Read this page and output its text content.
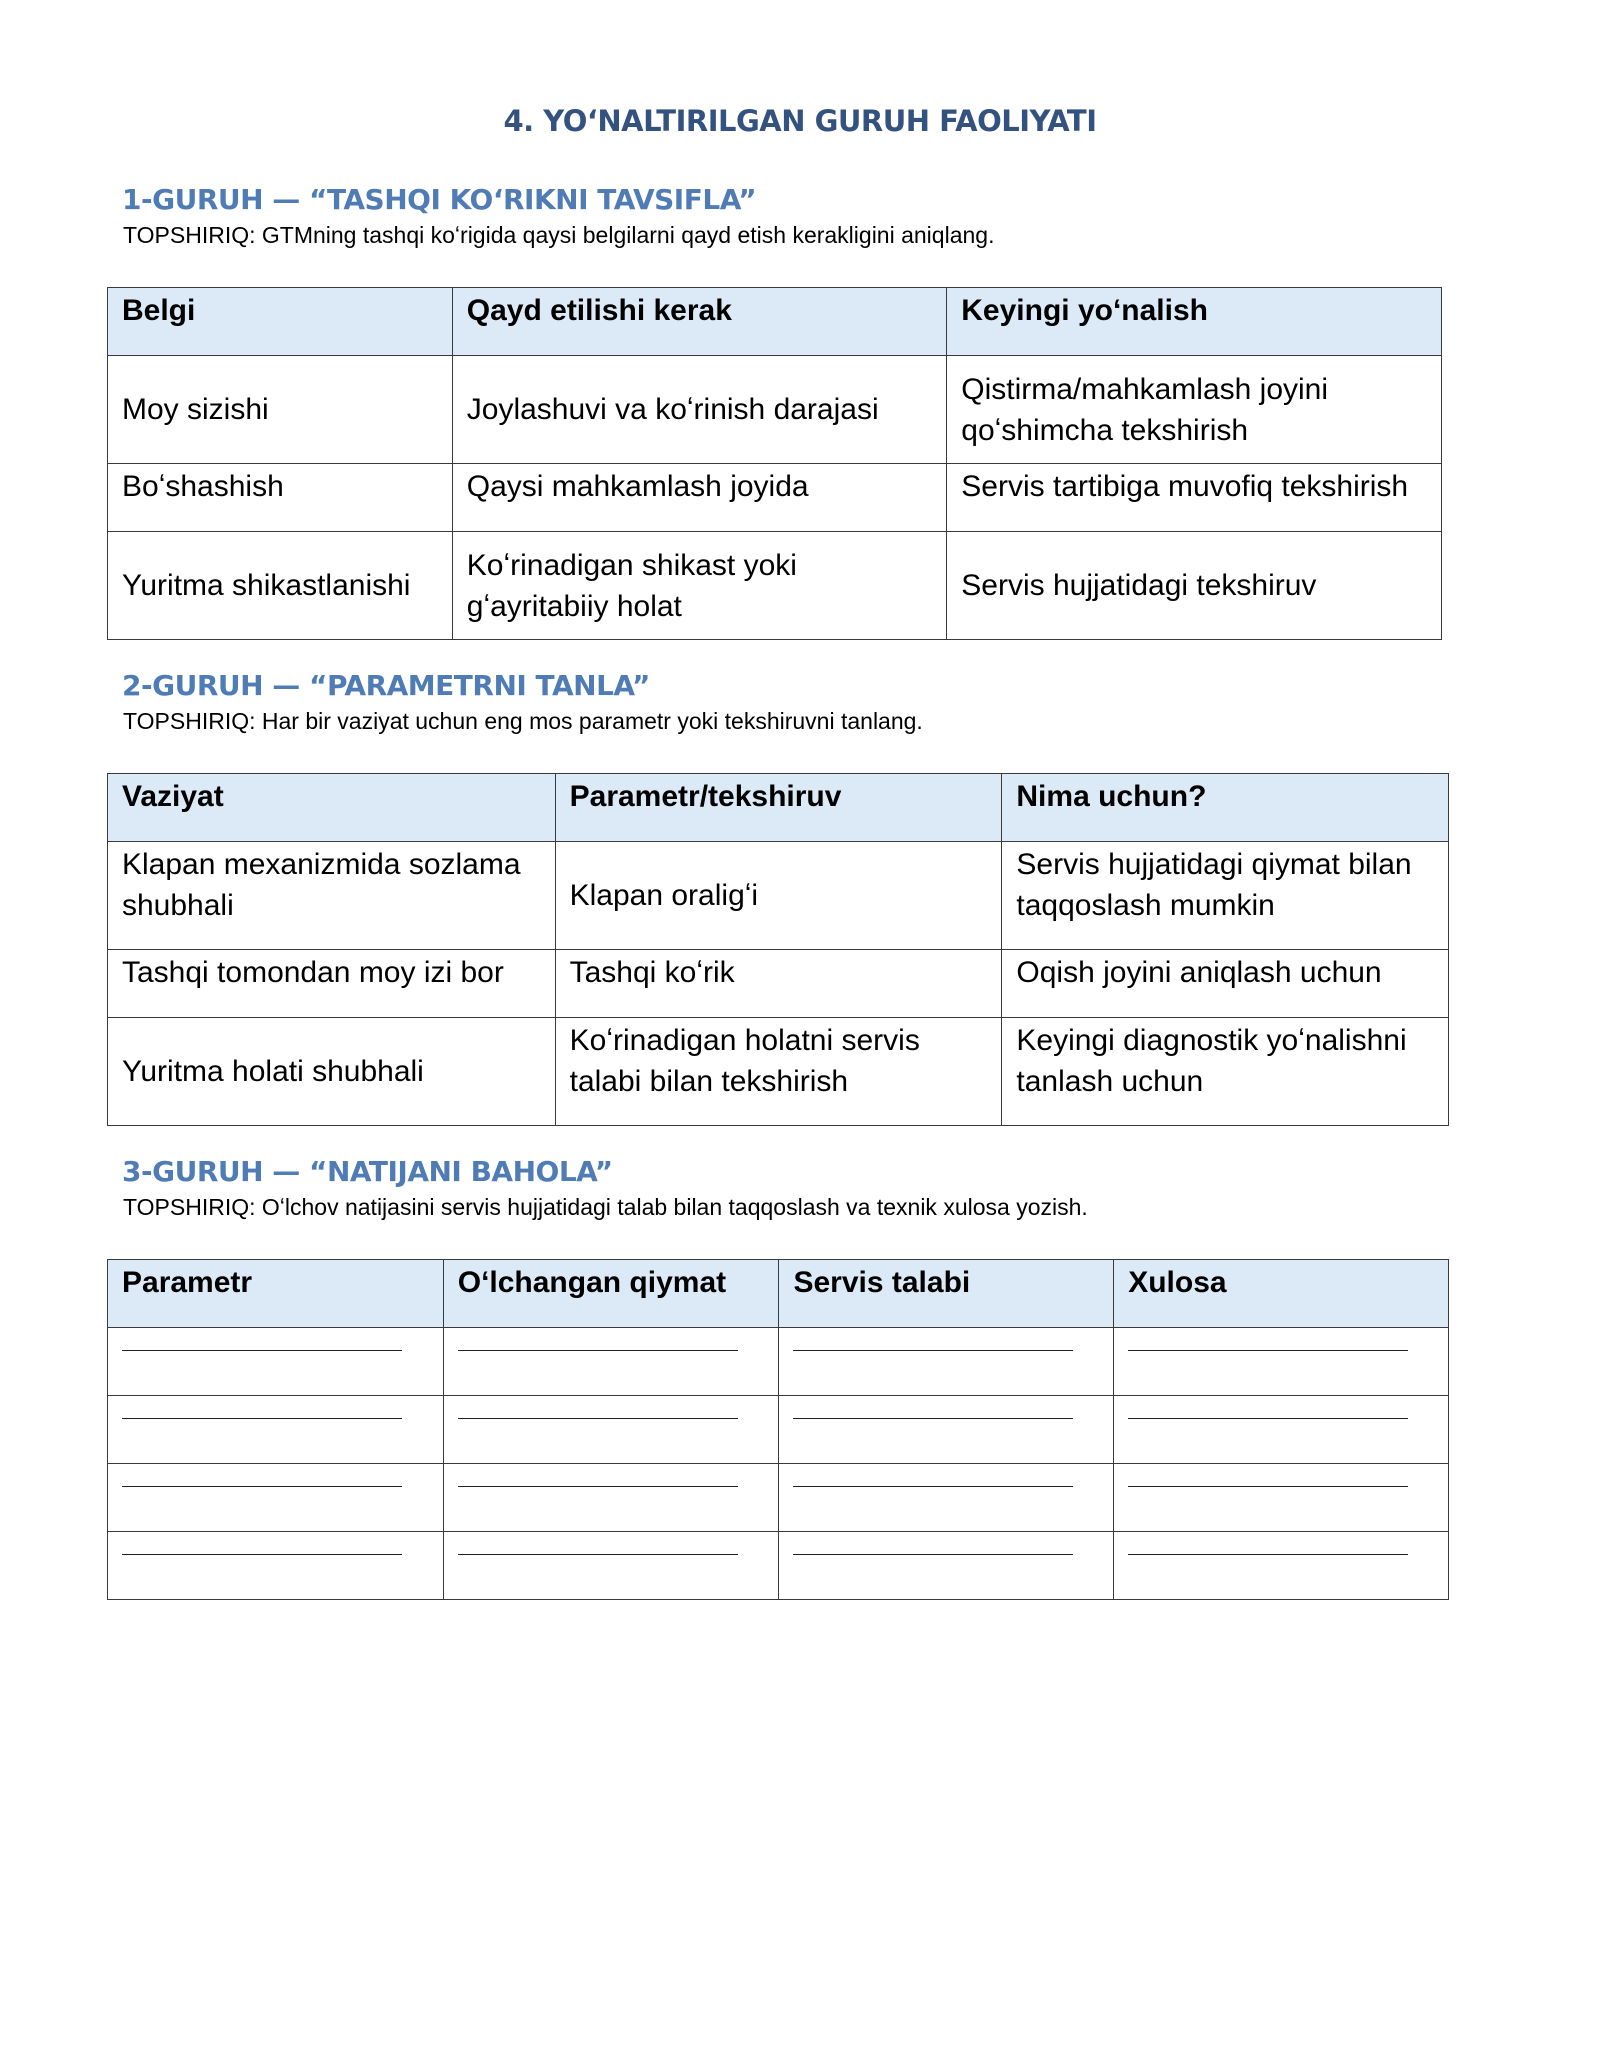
4. YOʻNALTIRILGAN GURUH FAOLIYATI

1-GURUH — “TASHQI KOʻRIKNI TAVSIFLA”

TOPSHIRIQ: GTMning tashqi koʻrigida qaysi belgilarni qayd etish kerakligini aniqlang.

Belgi	Qayd etilishi kerak	Keyingi yoʻnalish
Moy sizishi	Joylashuvi va koʻrinish darajasi	Qistirma/mahkamlash joyini qoʻshimcha tekshirish
Boʻshashish	Qaysi mahkamlash joyida	Servis tartibiga muvofiq tekshirish
Yuritma shikastlanishi	Koʻrinadigan shikast yoki gʻayritabiiy holat	Servis hujjatidagi tekshiruv

2-GURUH — “PARAMETRNI TANLA”

TOPSHIRIQ: Har bir vaziyat uchun eng mos parametr yoki tekshiruvni tanlang.

Vaziyat	Parametr/tekshiruv	Nima uchun?
Klapan mexanizmida sozlama shubhali	Klapan oraligʻi	Servis hujjatidagi qiymat bilan taqqoslash mumkin
Tashqi tomondan moy izi bor	Tashqi koʻrik	Oqish joyini aniqlash uchun
Yuritma holati shubhali	Koʻrinadigan holatni servis talabi bilan tekshirish	Keyingi diagnostik yoʻnalishni tanlash uchun

3-GURUH — “NATIJANI BAHOLA”

TOPSHIRIQ: Oʻlchov natijasini servis hujjatidagi talab bilan taqqoslash va texnik xulosa yozish.

Parametr	Oʻlchangan qiymat	Servis talabi	Xulosa
